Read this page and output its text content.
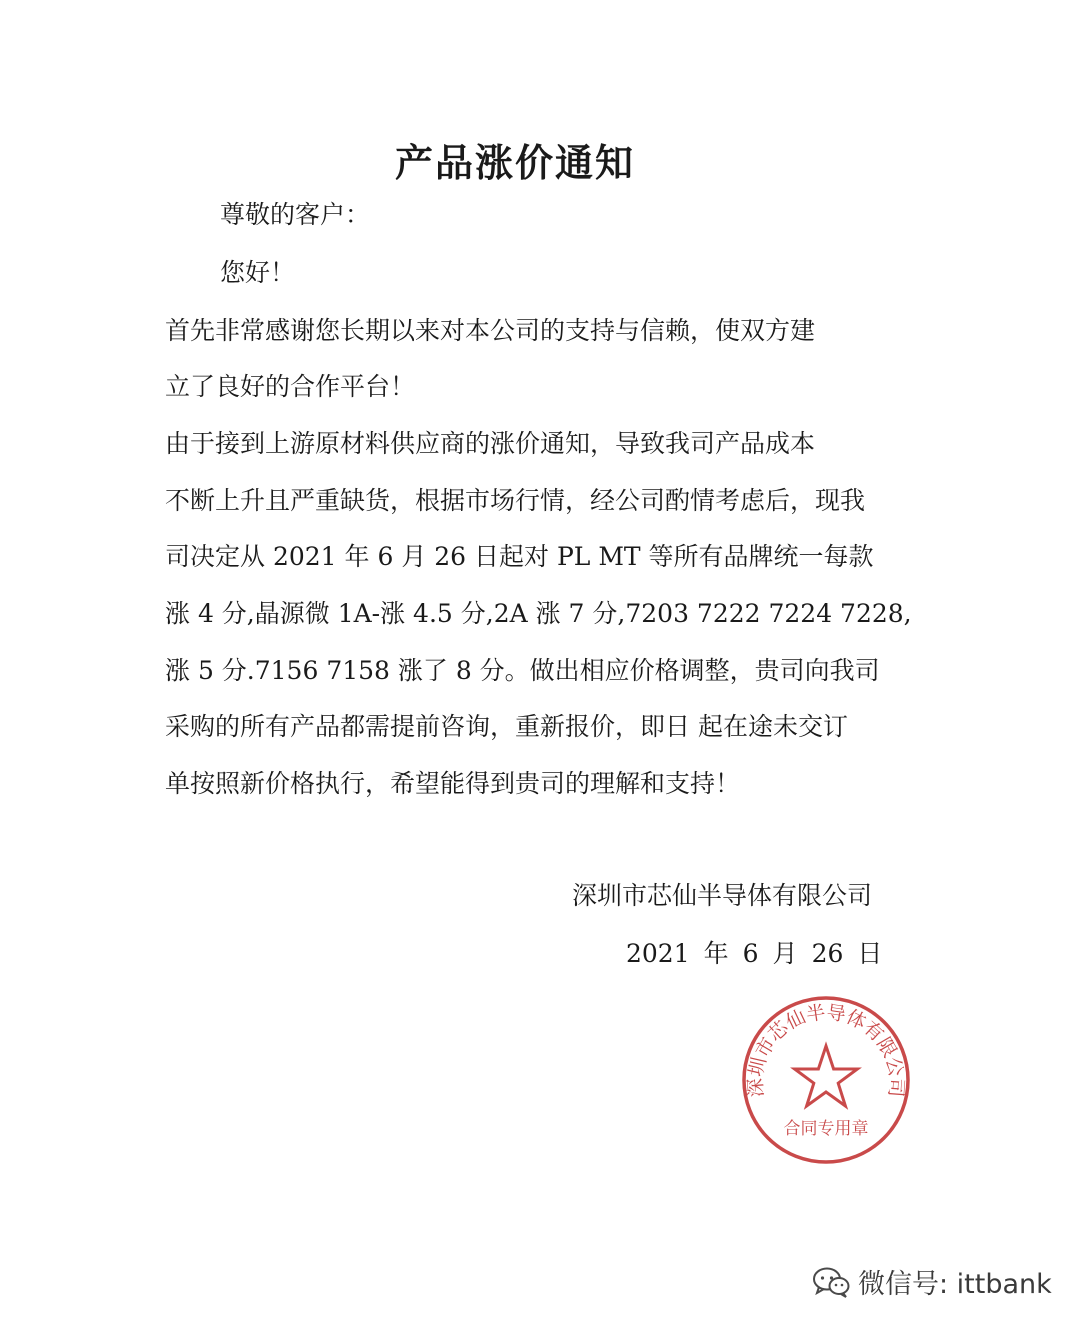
产品涨价通知
尊敬的客户：
您好！
首先非常感谢您长期以来对本公司的支持与信赖，使双方建
立了良好的合作平台！
由于接到上游原材料供应商的涨价通知，导致我司产品成本
不断上升且严重缺货，根据市场行情，经公司酌情考虑后，现我
司决定从 2021 年 6 月 26 日起对 PL MT 等所有品牌统一每款
涨 4 分,晶源微 1A-涨 4.5 分,2A 涨 7 分,7203 7222 7224 7228,
涨 5 分.7156 7158 涨了 8 分。做出相应价格调整，贵司向我司
采购的所有产品都需提前咨询，重新报价，即日 起在途未交订
单按照新价格执行，希望能得到贵司的理解和支持！
深圳市芯仙半导体有限公司
2021 年 6 月 26 日
深圳市芯仙半导体有限公司
合同专用章
微信号: ittbank
